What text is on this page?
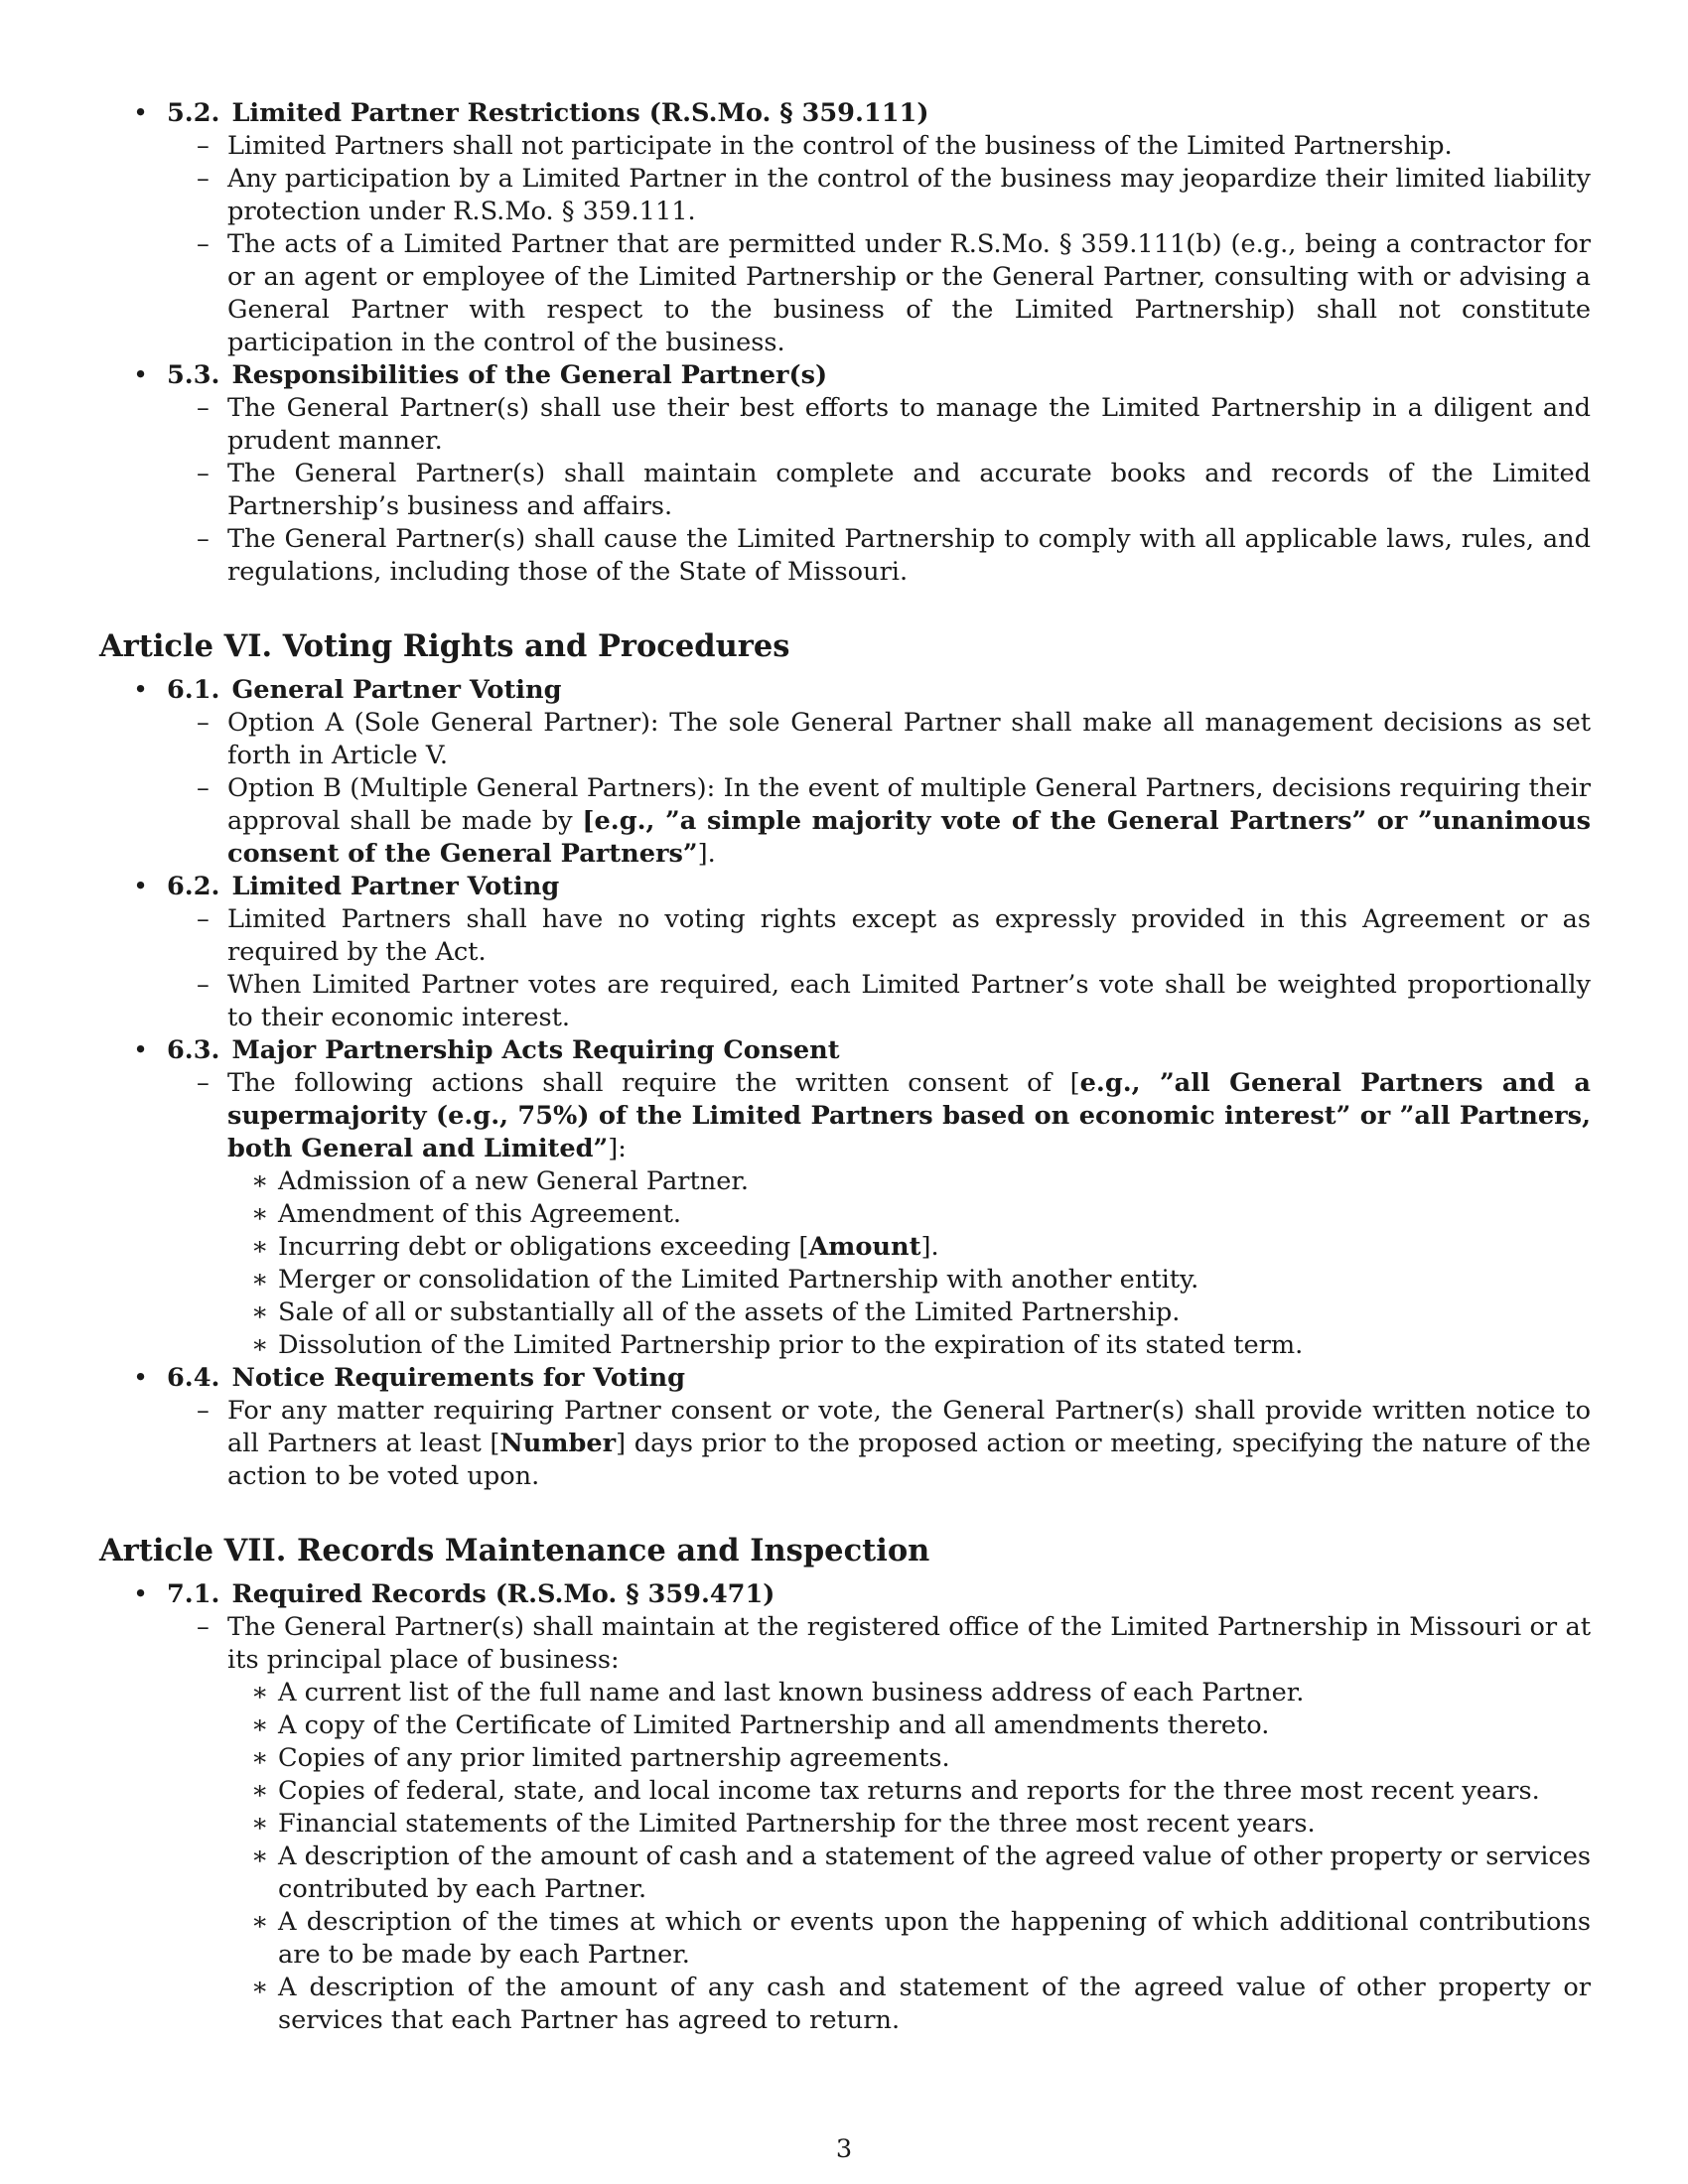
• 5.2. Limited Partner Restrictions (R.S.Mo. § 359.111)
– Limited Partners shall not participate in the control of the business of the Limited Partnership.
– Any participation by a Limited Partner in the control of the business may jeopardize their limited liability protection under R.S.Mo. § 359.111.
– The acts of a Limited Partner that are permitted under R.S.Mo. § 359.111(b) (e.g., being a contractor for or an agent or employee of the Limited Partnership or the General Partner, consulting with or advising a General Partner with respect to the business of the Limited Partnership) shall not constitute participation in the control of the business.
• 5.3. Responsibilities of the General Partner(s)
– The General Partner(s) shall use their best efforts to manage the Limited Partnership in a diligent and prudent manner.
– The General Partner(s) shall maintain complete and accurate books and records of the Limited Partnership’s business and affairs.
– The General Partner(s) shall cause the Limited Partnership to comply with all applicable laws, rules, and regulations, including those of the State of Missouri.
Article VI. Voting Rights and Procedures
• 6.1. General Partner Voting
– Option A (Sole General Partner): The sole General Partner shall make all management decisions as set forth in Article V.
– Option B (Multiple General Partners): In the event of multiple General Partners, decisions requiring their approval shall be made by [e.g., ”a simple majority vote of the General Partners” or ”unanimous consent of the General Partners”].
• 6.2. Limited Partner Voting
– Limited Partners shall have no voting rights except as expressly provided in this Agreement or as required by the Act.
– When Limited Partner votes are required, each Limited Partner’s vote shall be weighted proportionally to their economic interest.
• 6.3. Major Partnership Acts Requiring Consent
– The following actions shall require the written consent of [e.g., ”all General Partners and a supermajority (e.g., 75%) of the Limited Partners based on economic interest” or ”all Partners, both General and Limited”]:
∗ Admission of a new General Partner.
∗ Amendment of this Agreement.
∗ Incurring debt or obligations exceeding [Amount].
∗ Merger or consolidation of the Limited Partnership with another entity.
∗ Sale of all or substantially all of the assets of the Limited Partnership.
∗ Dissolution of the Limited Partnership prior to the expiration of its stated term.
• 6.4. Notice Requirements for Voting
– For any matter requiring Partner consent or vote, the General Partner(s) shall provide written notice to all Partners at least [Number] days prior to the proposed action or meeting, specifying the nature of the action to be voted upon.
Article VII. Records Maintenance and Inspection
• 7.1. Required Records (R.S.Mo. § 359.471)
– The General Partner(s) shall maintain at the registered office of the Limited Partnership in Missouri or at its principal place of business:
∗ A current list of the full name and last known business address of each Partner.
∗ A copy of the Certificate of Limited Partnership and all amendments thereto.
∗ Copies of any prior limited partnership agreements.
∗ Copies of federal, state, and local income tax returns and reports for the three most recent years.
∗ Financial statements of the Limited Partnership for the three most recent years.
∗ A description of the amount of cash and a statement of the agreed value of other property or services contributed by each Partner.
∗ A description of the times at which or events upon the happening of which additional contributions are to be made by each Partner.
∗ A description of the amount of any cash and statement of the agreed value of other property or services that each Partner has agreed to return.
3
